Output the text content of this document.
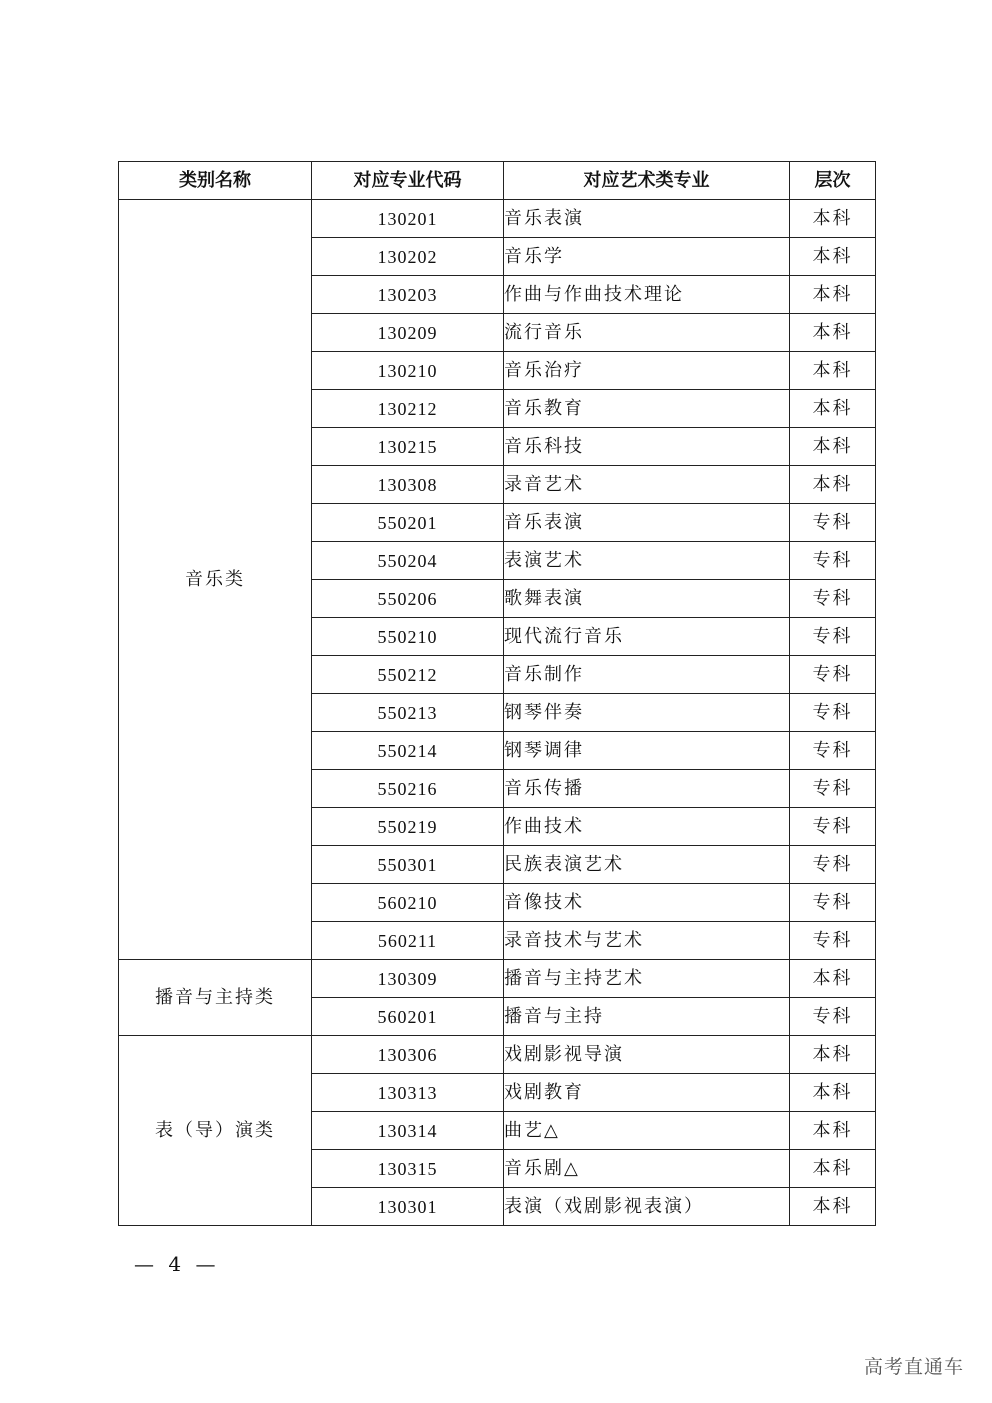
类别名称	对应专业代码	对应艺术类专业	层次
音乐类	130201	音乐表演	本科
	130202	音乐学	本科
	130203	作曲与作曲技术理论	本科
	130209	流行音乐	本科
	130210	音乐治疗	本科
	130212	音乐教育	本科
	130215	音乐科技	本科
	130308	录音艺术	本科
	550201	音乐表演	专科
	550204	表演艺术	专科
	550206	歌舞表演	专科
	550210	现代流行音乐	专科
	550212	音乐制作	专科
	550213	钢琴伴奏	专科
	550214	钢琴调律	专科
	550216	音乐传播	专科
	550219	作曲技术	专科
	550301	民族表演艺术	专科
	560210	音像技术	专科
	560211	录音技术与艺术	专科
播音与主持类	130309	播音与主持艺术	本科
	560201	播音与主持	专科
表（导）演类	130306	戏剧影视导演	本科
	130313	戏剧教育	本科
	130314	曲艺△	本科
	130315	音乐剧△	本科
	130301	表演（戏剧影视表演）	本科
— 4 —
高考直通车
